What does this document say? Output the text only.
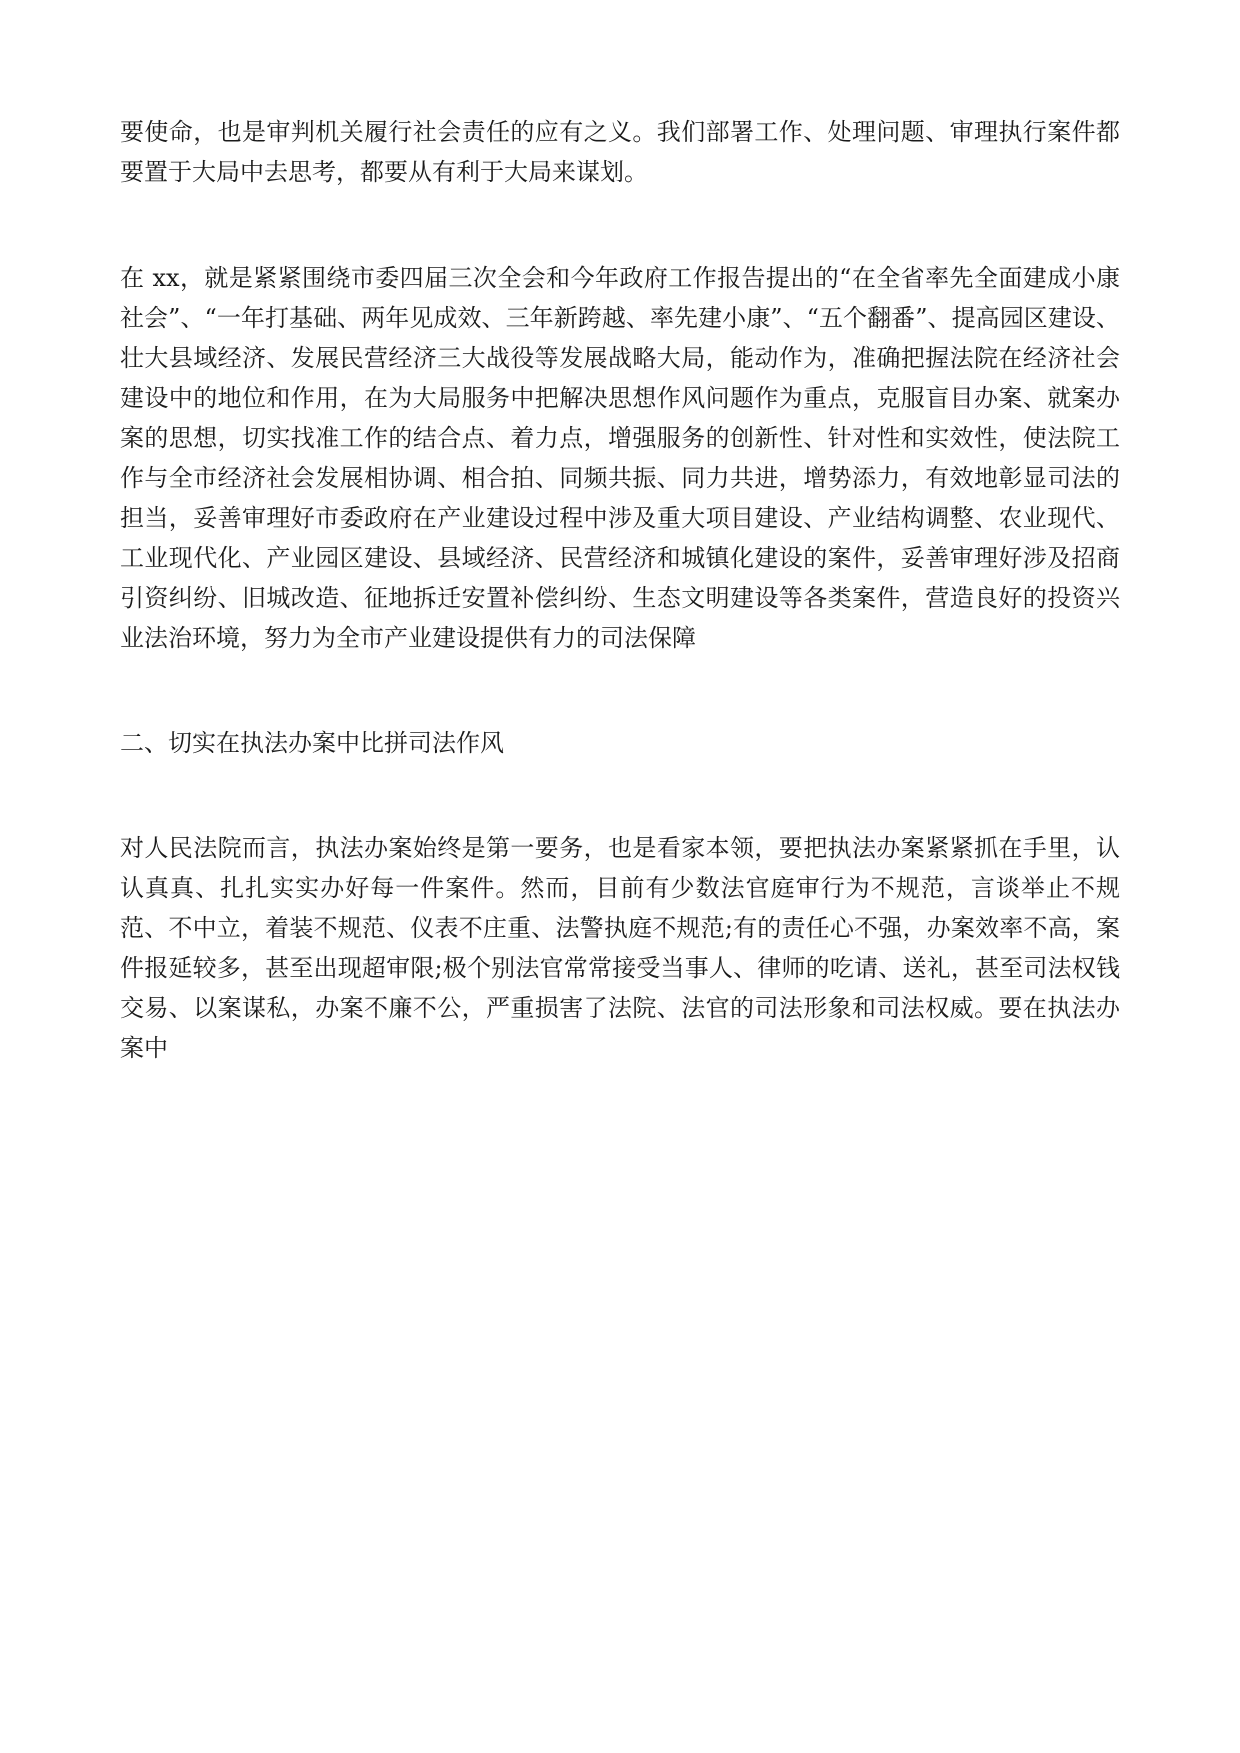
要使命，也是审判机关履行社会责任的应有之义。我们部署工作、处理问题、审理执行案件都要置于大局中去思考，都要从有利于大局来谋划。

在 xx，就是紧紧围绕市委四届三次全会和今年政府工作报告提出的“在全省率先全面建成小康社会”、“一年打基础、两年见成效、三年新跨越、率先建小康”、“五个翻番”、提高园区建设、壮大县域经济、发展民营经济三大战役等发展战略大局，能动作为，准确把握法院在经济社会建设中的地位和作用，在为大局服务中把解决思想作风问题作为重点，克服盲目办案、就案办案的思想，切实找准工作的结合点、着力点，增强服务的创新性、针对性和实效性，使法院工作与全市经济社会发展相协调、相合拍、同频共振、同力共进，增势添力，有效地彰显司法的担当，妥善审理好市委政府在产业建设过程中涉及重大项目建设、产业结构调整、农业现代、工业现代化、产业园区建设、县域经济、民营经济和城镇化建设的案件，妥善审理好涉及招商引资纠纷、旧城改造、征地拆迁安置补偿纠纷、生态文明建设等各类案件，营造良好的投资兴业法治环境，努力为全市产业建设提供有力的司法保障

二、切实在执法办案中比拼司法作风

对人民法院而言，执法办案始终是第一要务，也是看家本领，要把执法办案紧紧抓在手里，认认真真、扎扎实实办好每一件案件。然而，目前有少数法官庭审行为不规范，言谈举止不规范、不中立，着装不规范、仪表不庄重、法警执庭不规范;有的责任心不强，办案效率不高，案件报延较多，甚至出现超审限;极个别法官常常接受当事人、律师的吃请、送礼，甚至司法权钱交易、以案谋私，办案不廉不公，严重损害了法院、法官的司法形象和司法权威。要在执法办案中
